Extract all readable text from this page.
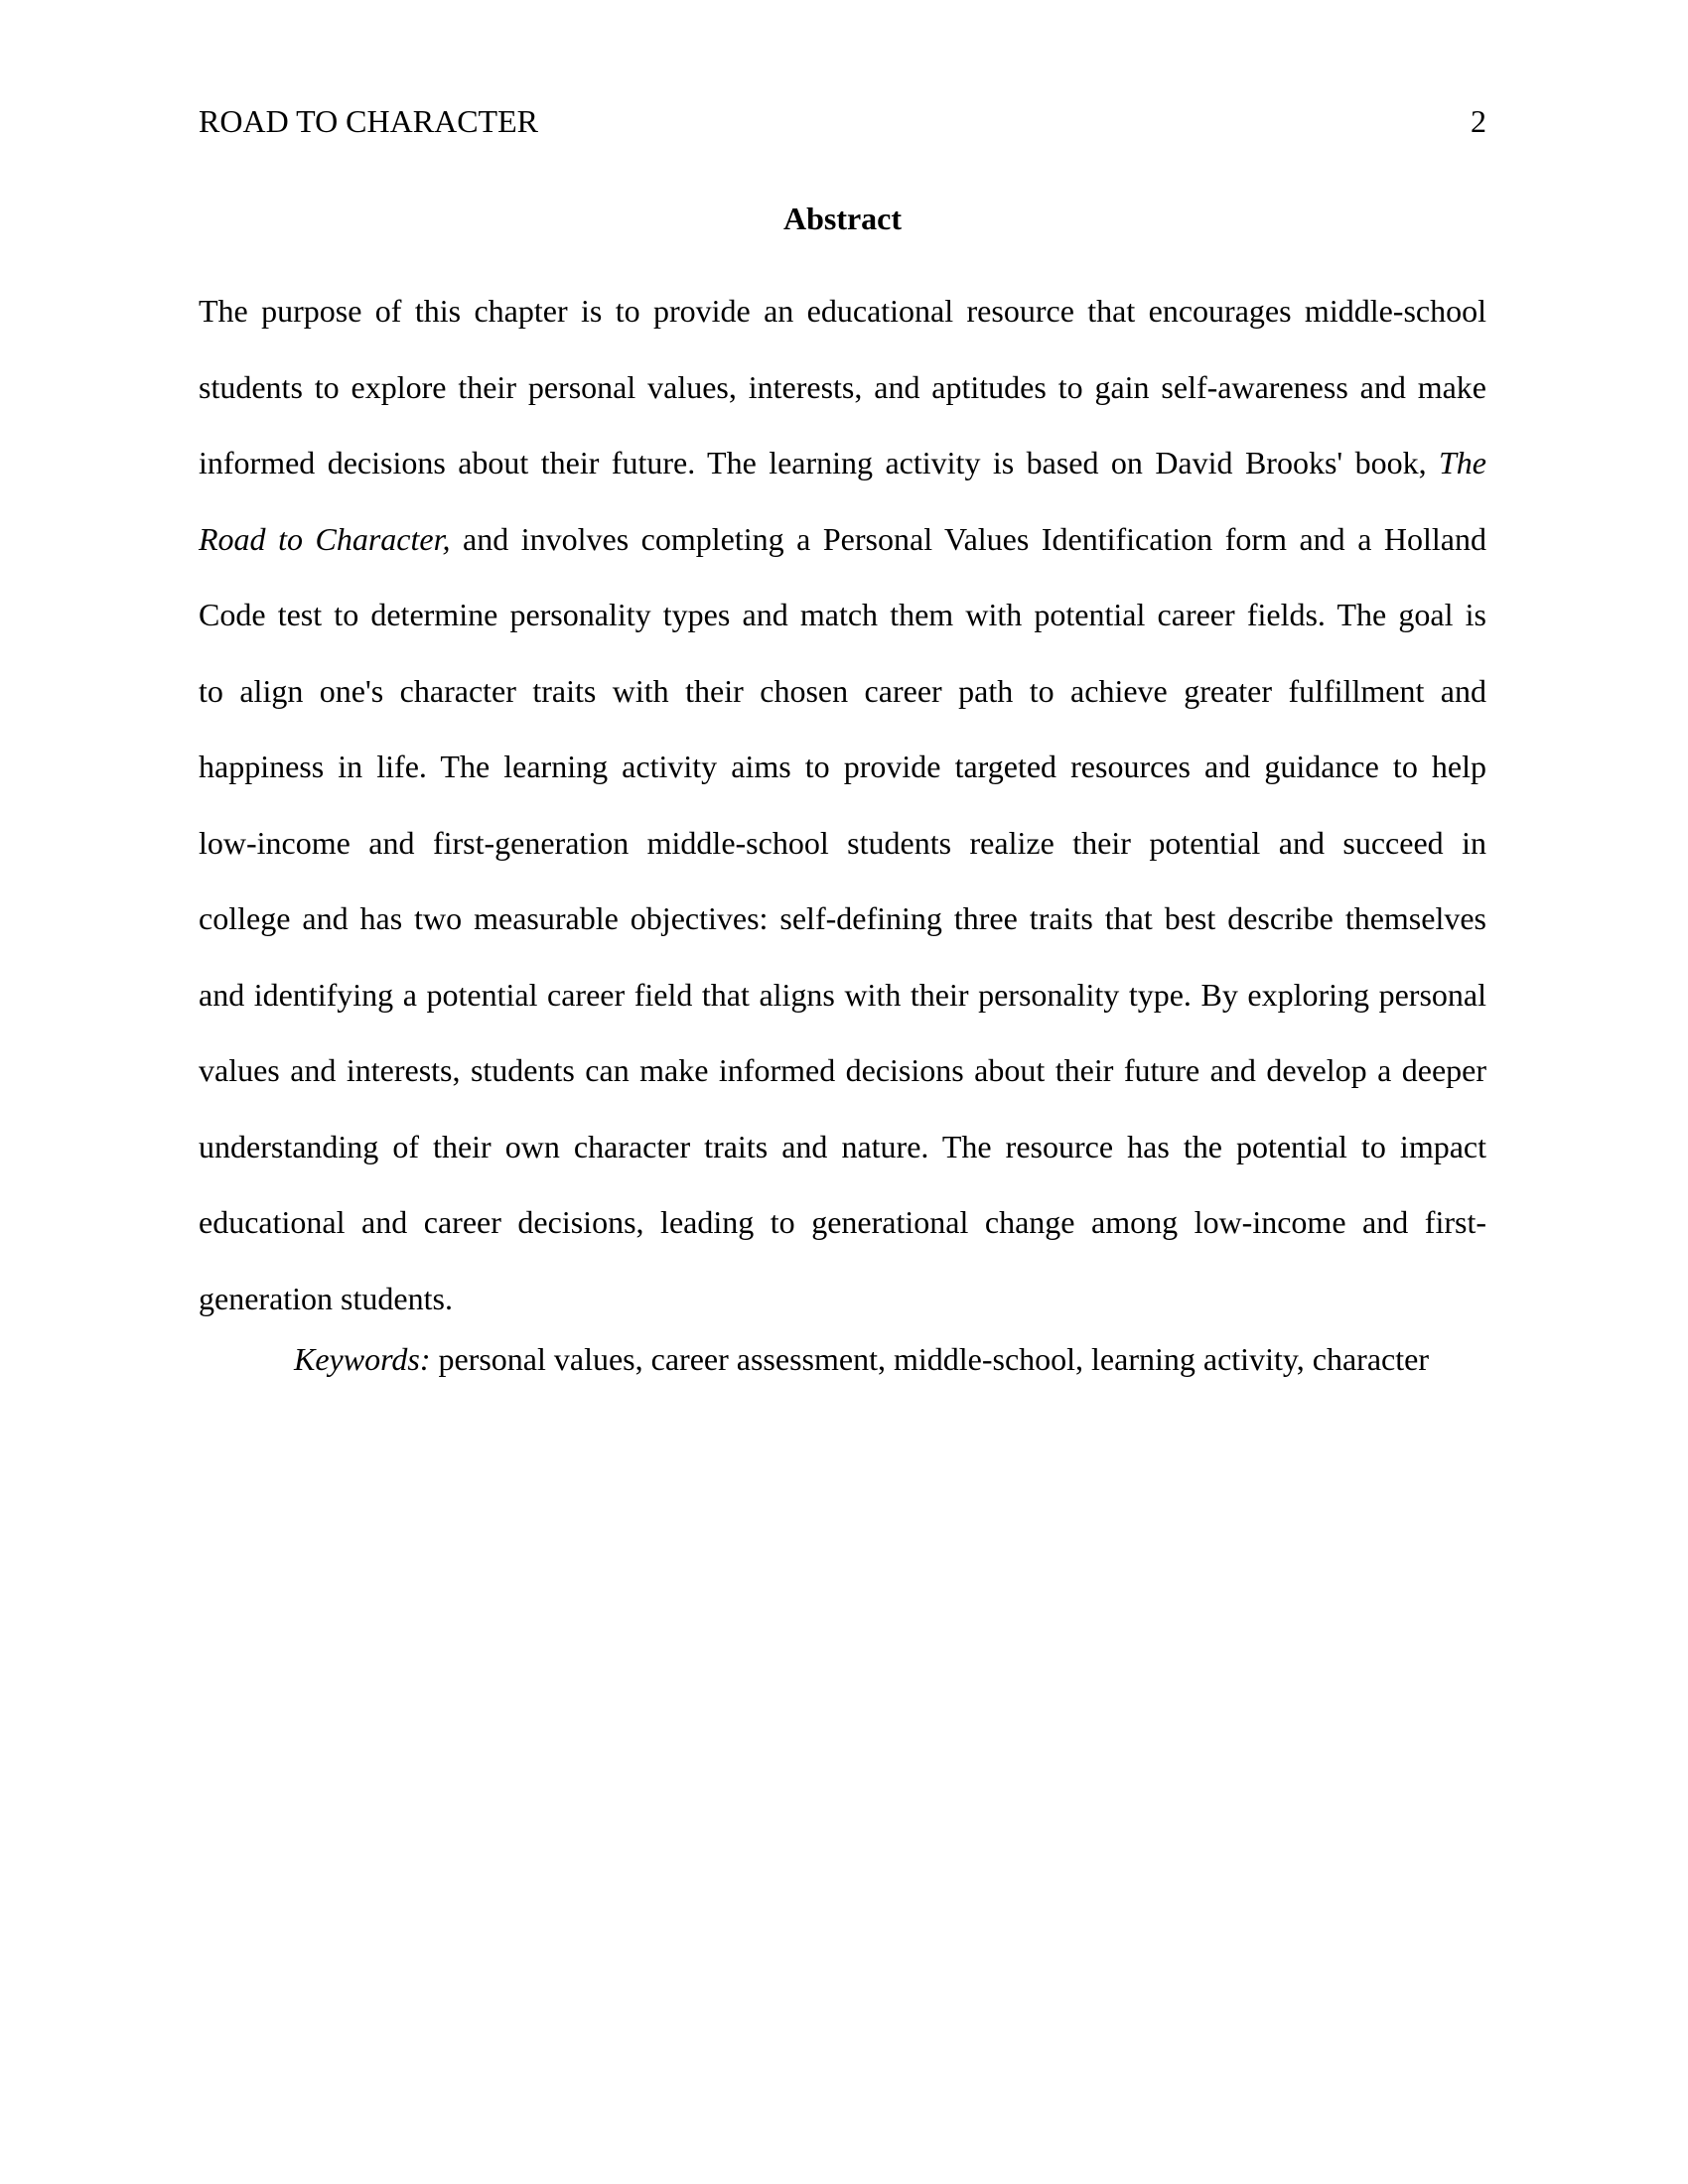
ROAD TO CHARACTER	2
Abstract
The purpose of this chapter is to provide an educational resource that encourages middle-school
students to explore their personal values, interests, and aptitudes to gain self-awareness and make
informed decisions about their future. The learning activity is based on David Brooks' book, The
Road to Character, and involves completing a Personal Values Identification form and a Holland
Code test to determine personality types and match them with potential career fields. The goal is
to align one's character traits with their chosen career path to achieve greater fulfillment and
happiness in life. The learning activity aims to provide targeted resources and guidance to help
low-income and first-generation middle-school students realize their potential and succeed in
college and has two measurable objectives: self-defining three traits that best describe themselves
and identifying a potential career field that aligns with their personality type. By exploring personal
values and interests, students can make informed decisions about their future and develop a deeper
understanding of their own character traits and nature. The resource has the potential to impact
educational and career decisions, leading to generational change among low-income and first-
generation students.
Keywords: personal values, career assessment, middle-school, learning activity, character
